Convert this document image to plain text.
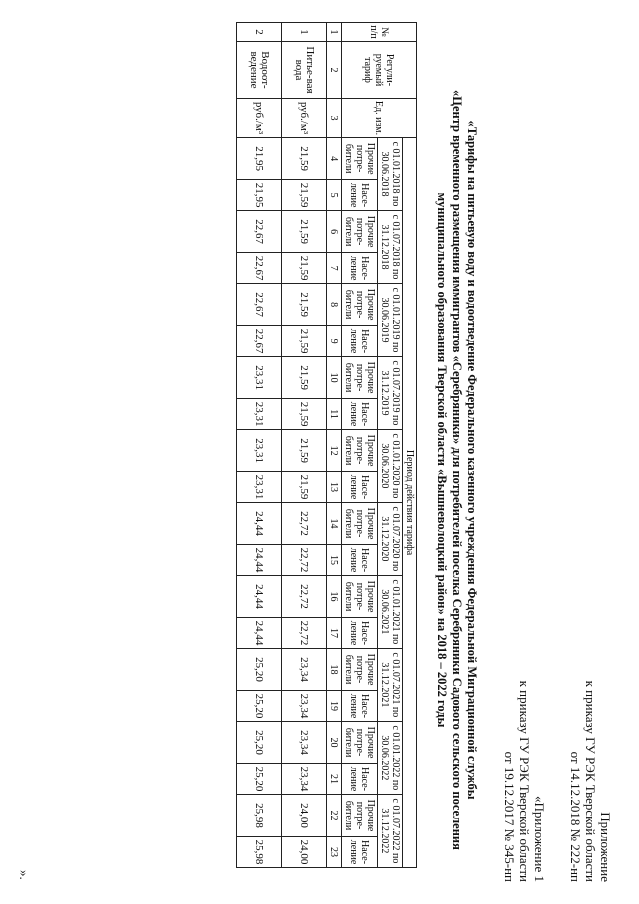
Приложение
к приказу ГУ РЭК Тверской области
от 14.12.2018 № 222-нп
«Приложение 1
к приказу ГУ РЭК Тверской области
от 19.12.2017 № 345-нп
«Тарифы на питьевую воду и водоотведение Федерального казенного учреждения Федеральной Миграционной службы
«Центр временного размещения иммигрантов «Серебряники» для потребителей поселка Серебряники Садового сельского поселения
муниципального образования Тверской области «Вышневолоцкий район» на 2018 – 2022 годы
№ п/п	Регули-руемый тариф	Ед. изм.	Период действия тарифа																			
			с 01.01.2018 по 30.06.2018		с 01.07.2018 по 31.12.2018		с 01.01.2019 по 30.06.2019		с 01.07.2019 по 31.12.2019		с 01.01.2020 по 30.06.2020		с 01.07.2020 по 31.12.2020		с 01.01.2021 по 30.06.2021		с 01.07.2021 по 31.12.2021		с 01.01.2022 по 30.06.2022		с 01.07.2022 по 31.12.2022	
			Прочие потре-бители	Насе-ление	Прочие потре-бители	Насе-ление	Прочие потре-бители	Насе-ление	Прочие потре-бители	Насе-ление	Прочие потре-бители	Насе-ление	Прочие потре-бители	Насе-ление	Прочие потре-бители	Насе-ление	Прочие потре-бители	Насе-ление	Прочие потре-бители	Насе-ление	Прочие потре-бители	Насе-ление
1	2	3	4	5	6	7	8	9	10	11	12	13	14	15	16	17	18	19	20	21	22	23
1	Питье-вая вода	руб./м³	21,59	21,59	21,59	21,59	21,59	21,59	21,59	21,59	21,59	21,59	22,72	22,72	22,72	22,72	23,34	23,34	23,34	23,34	24,00	24,00
2	Водоот-ведение	руб./м³	21,95	21,95	22,67	22,67	22,67	22,67	23,31	23,31	23,31	23,31	24,44	24,44	24,44	24,44	25,20	25,20	25,20	25,20	25,98	25,98
».
